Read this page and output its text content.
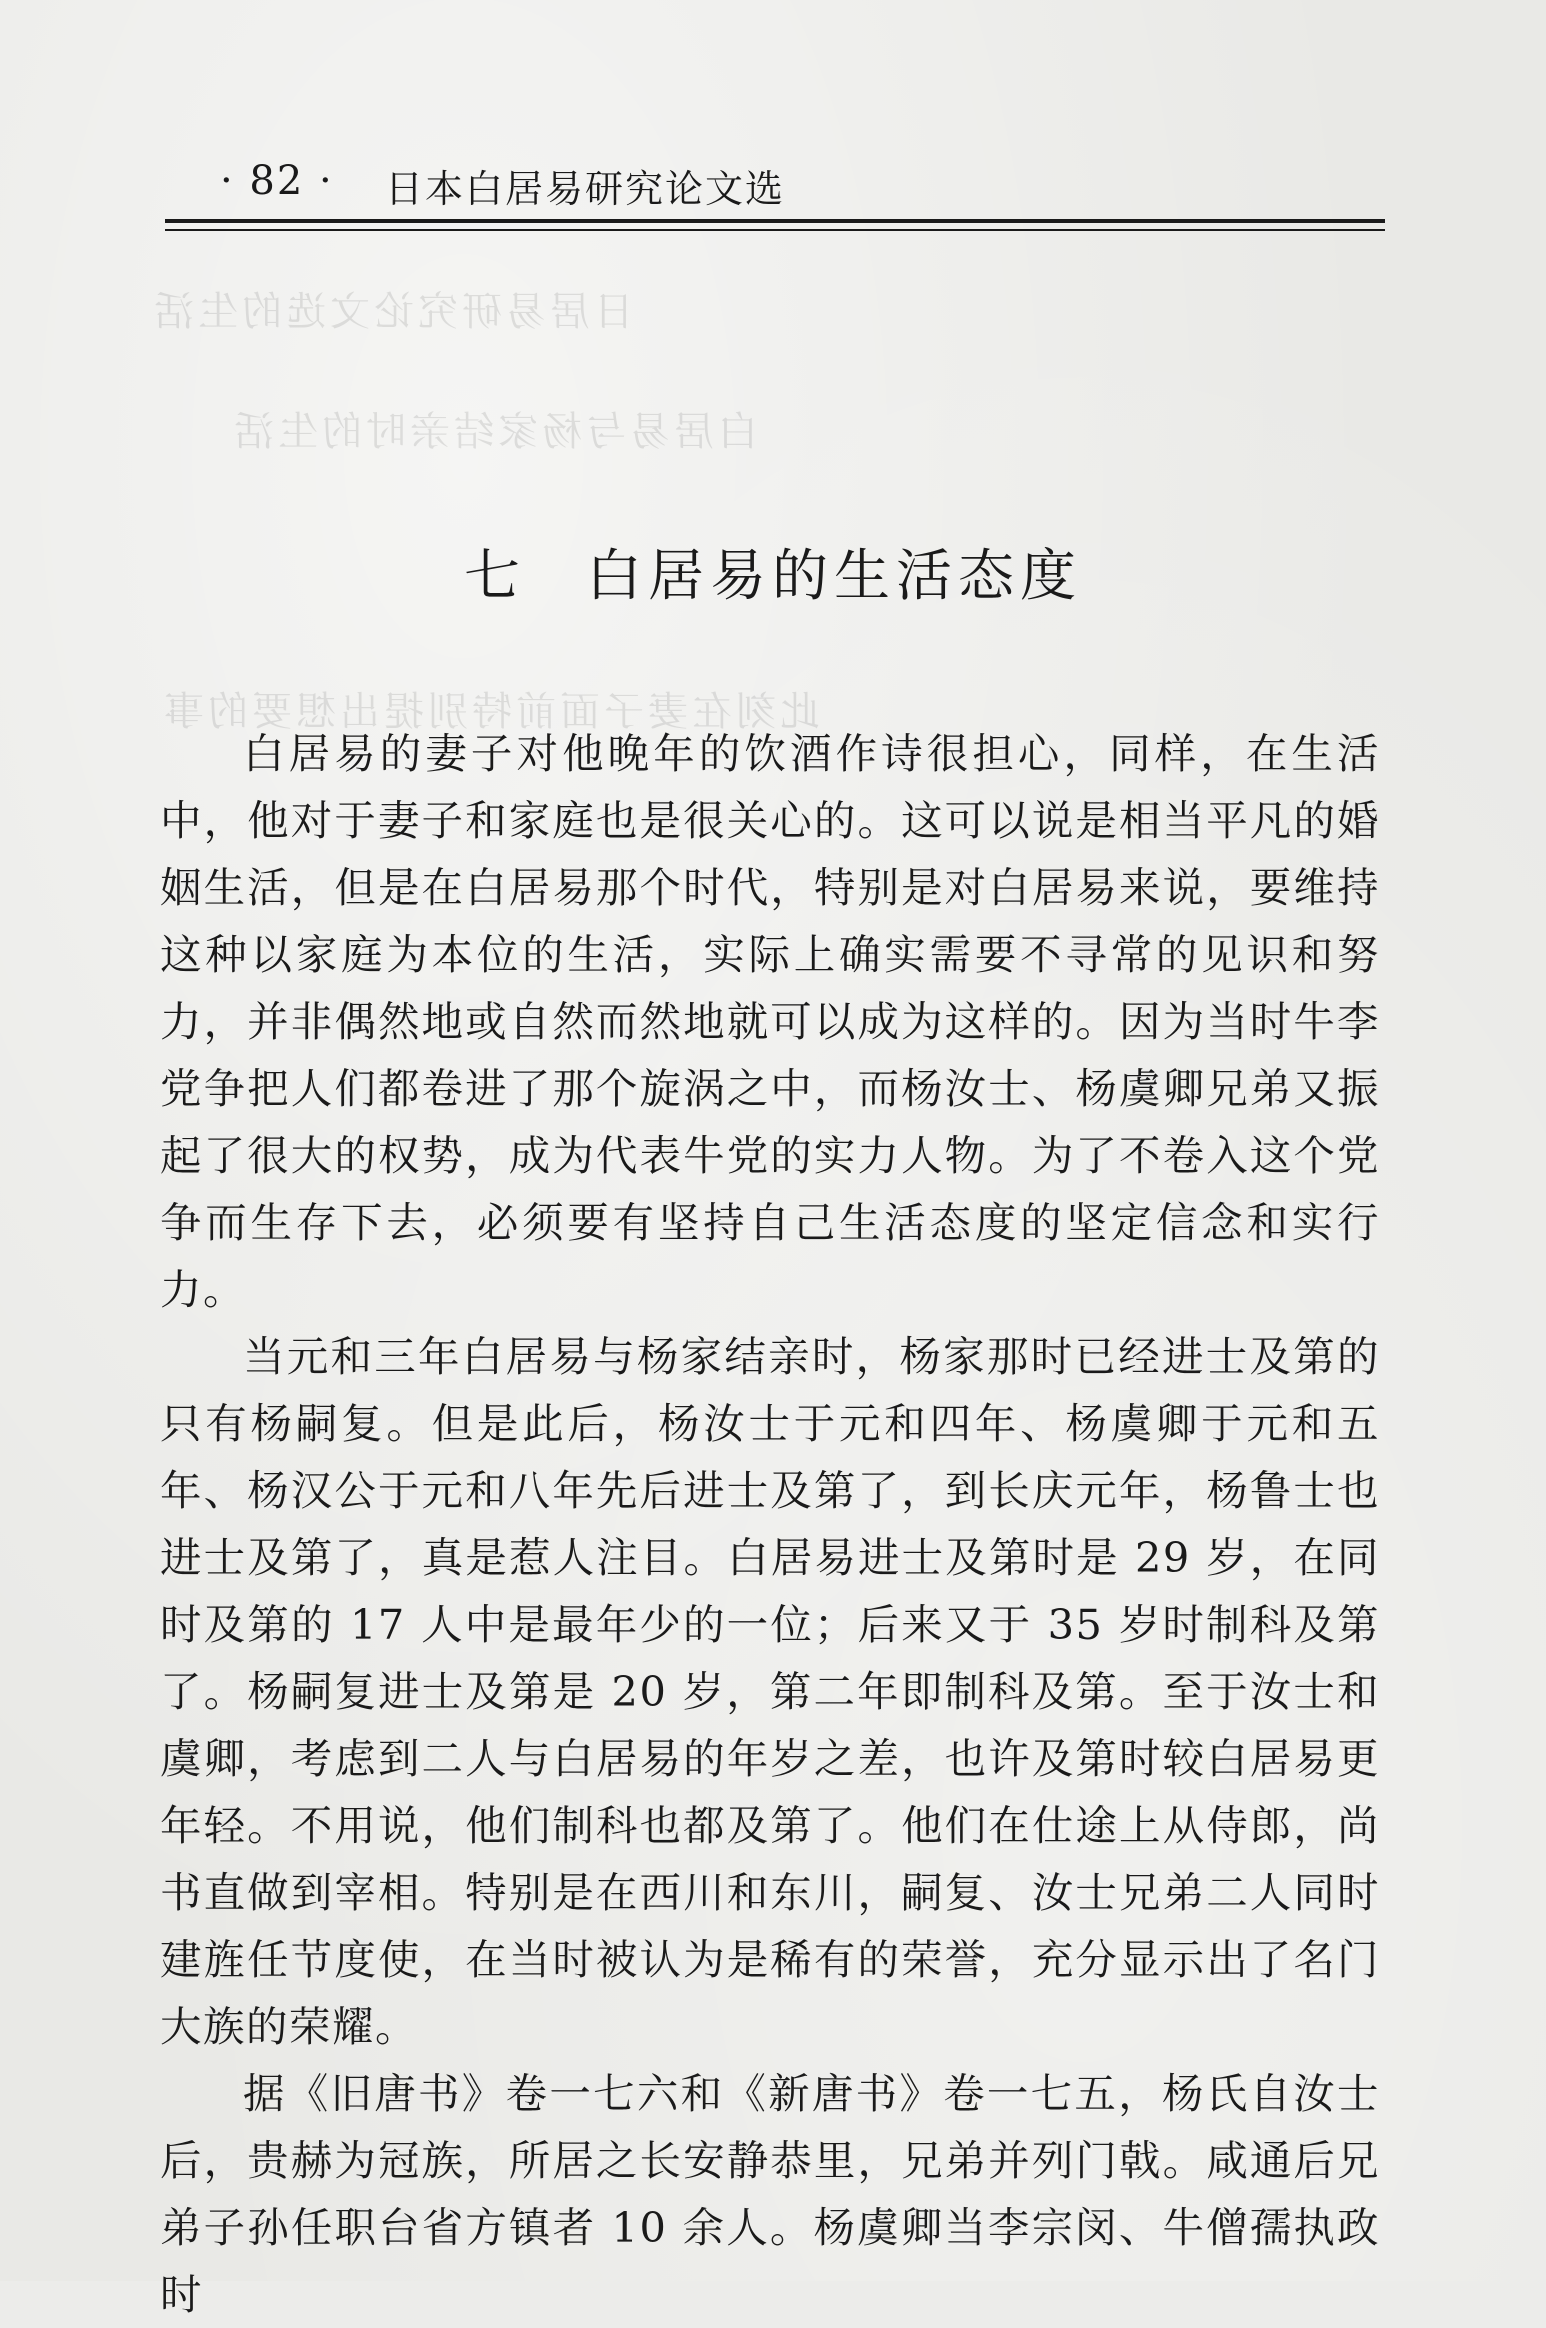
日居易研究论文选的生活
白居易与杨家结亲时的生活
此刻在妻子面前特别提出想要的事
· 82 · 日本白居易研究论文选
七 白居易的生活态度

白居易的妻子对他晚年的饮酒作诗很担心，同样，在生活中，他对于妻子和家庭也是很关心的。这可以说是相当平凡的婚姻生活，但是在白居易那个时代，特别是对白居易来说，要维持这种以家庭为本位的生活，实际上确实需要不寻常的见识和努力，并非偶然地或自然而然地就可以成为这样的。因为当时牛李党争把人们都卷进了那个旋涡之中，而杨汝士、杨虞卿兄弟又振起了很大的权势，成为代表牛党的实力人物。为了不卷入这个党争而生存下去，必须要有坚持自己生活态度的坚定信念和实行力。

当元和三年白居易与杨家结亲时，杨家那时已经进士及第的只有杨嗣复。但是此后，杨汝士于元和四年、杨虞卿于元和五年、杨汉公于元和八年先后进士及第了，到长庆元年，杨鲁士也进士及第了，真是惹人注目。白居易进士及第时是 29 岁，在同时及第的 17 人中是最年少的一位；后来又于 35 岁时制科及第了。杨嗣复进士及第是 20 岁，第二年即制科及第。至于汝士和虞卿，考虑到二人与白居易的年岁之差，也许及第时较白居易更年轻。不用说，他们制科也都及第了。他们在仕途上从侍郎，尚书直做到宰相。特别是在西川和东川，嗣复、汝士兄弟二人同时建旌任节度使，在当时被认为是稀有的荣誉，充分显示出了名门大族的荣耀。

据《旧唐书》卷一七六和《新唐书》卷一七五，杨氏自汝士后，贵赫为冠族，所居之长安静恭里，兄弟并列门戟。咸通后兄弟子孙任职台省方镇者 10 余人。杨虞卿当李宗闵、牛僧孺执政时
